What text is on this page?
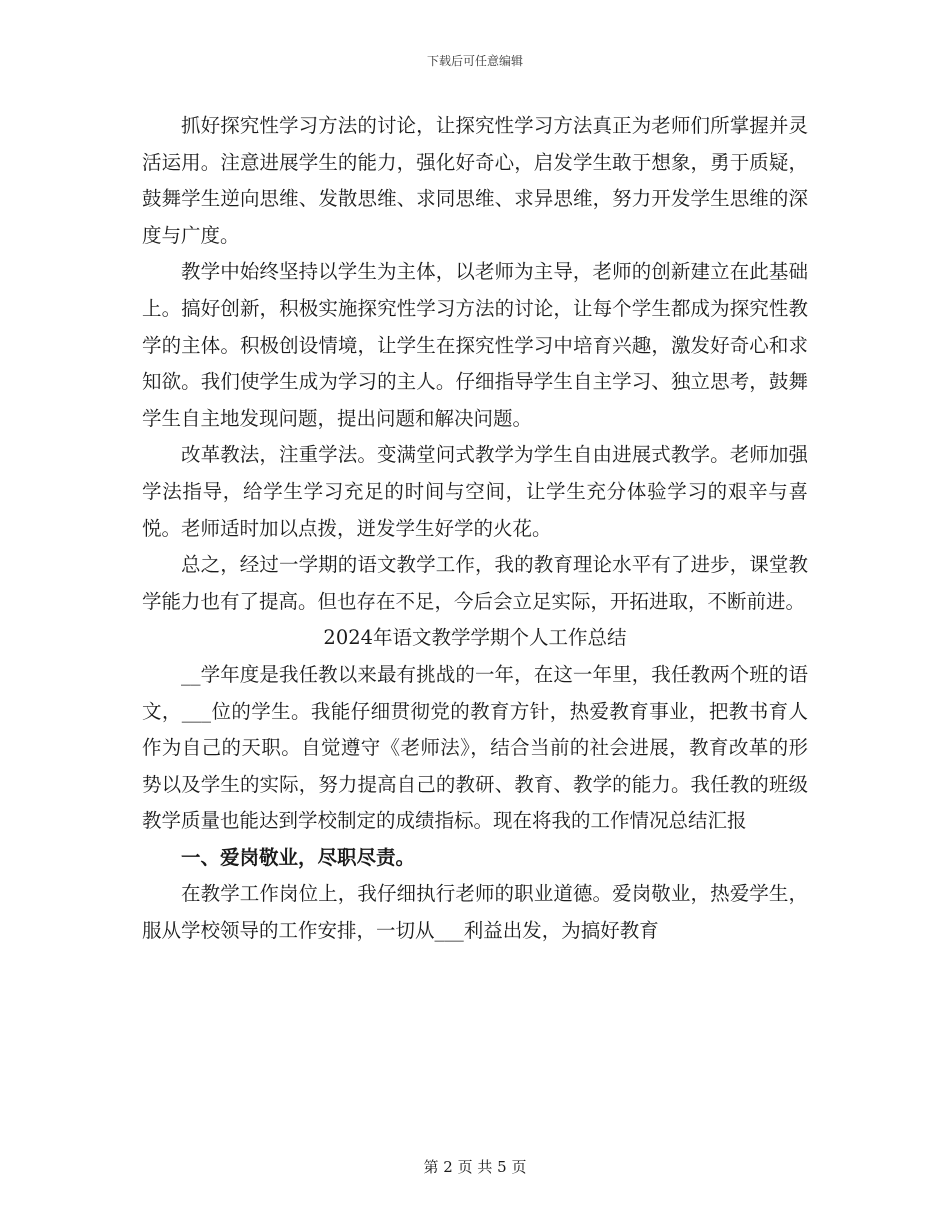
下载后可任意编辑

抓好探究性学习方法的讨论，让探究性学习方法真正为老师们所掌握并灵活运用。注意进展学生的能力，强化好奇心，启发学生敢于想象，勇于质疑，鼓舞学生逆向思维、发散思维、求同思维、求异思维，努力开发学生思维的深度与广度。

教学中始终坚持以学生为主体，以老师为主导，老师的创新建立在此基础上。搞好创新，积极实施探究性学习方法的讨论，让每个学生都成为探究性教学的主体。积极创设情境，让学生在探究性学习中培育兴趣，激发好奇心和求知欲。我们使学生成为学习的主人。仔细指导学生自主学习、独立思考，鼓舞学生自主地发现问题，提出问题和解决问题。

改革教法，注重学法。变满堂问式教学为学生自由进展式教学。老师加强学法指导，给学生学习充足的时间与空间，让学生充分体验学习的艰辛与喜悦。老师适时加以点拨，迸发学生好学的火花。

总之，经过一学期的语文教学工作，我的教育理论水平有了进步，课堂教学能力也有了提高。但也存在不足，今后会立足实际，开拓进取，不断前进。

2024年语文教学学期个人工作总结

__学年度是我任教以来最有挑战的一年，在这一年里，我任教两个班的语文，___位的学生。我能仔细贯彻党的教育方针，热爱教育事业，把教书育人作为自己的天职。自觉遵守《老师法》，结合当前的社会进展，教育改革的形势以及学生的实际，努力提高自己的教研、教育、教学的能力。我任教的班级教学质量也能达到学校制定的成绩指标。现在将我的工作情况总结汇报

一、爱岗敬业，尽职尽责。

在教学工作岗位上，我仔细执行老师的职业道德。爱岗敬业，热爱学生，服从学校领导的工作安排，一切从___利益出发，为搞好教育

第 2 页 共 5 页
